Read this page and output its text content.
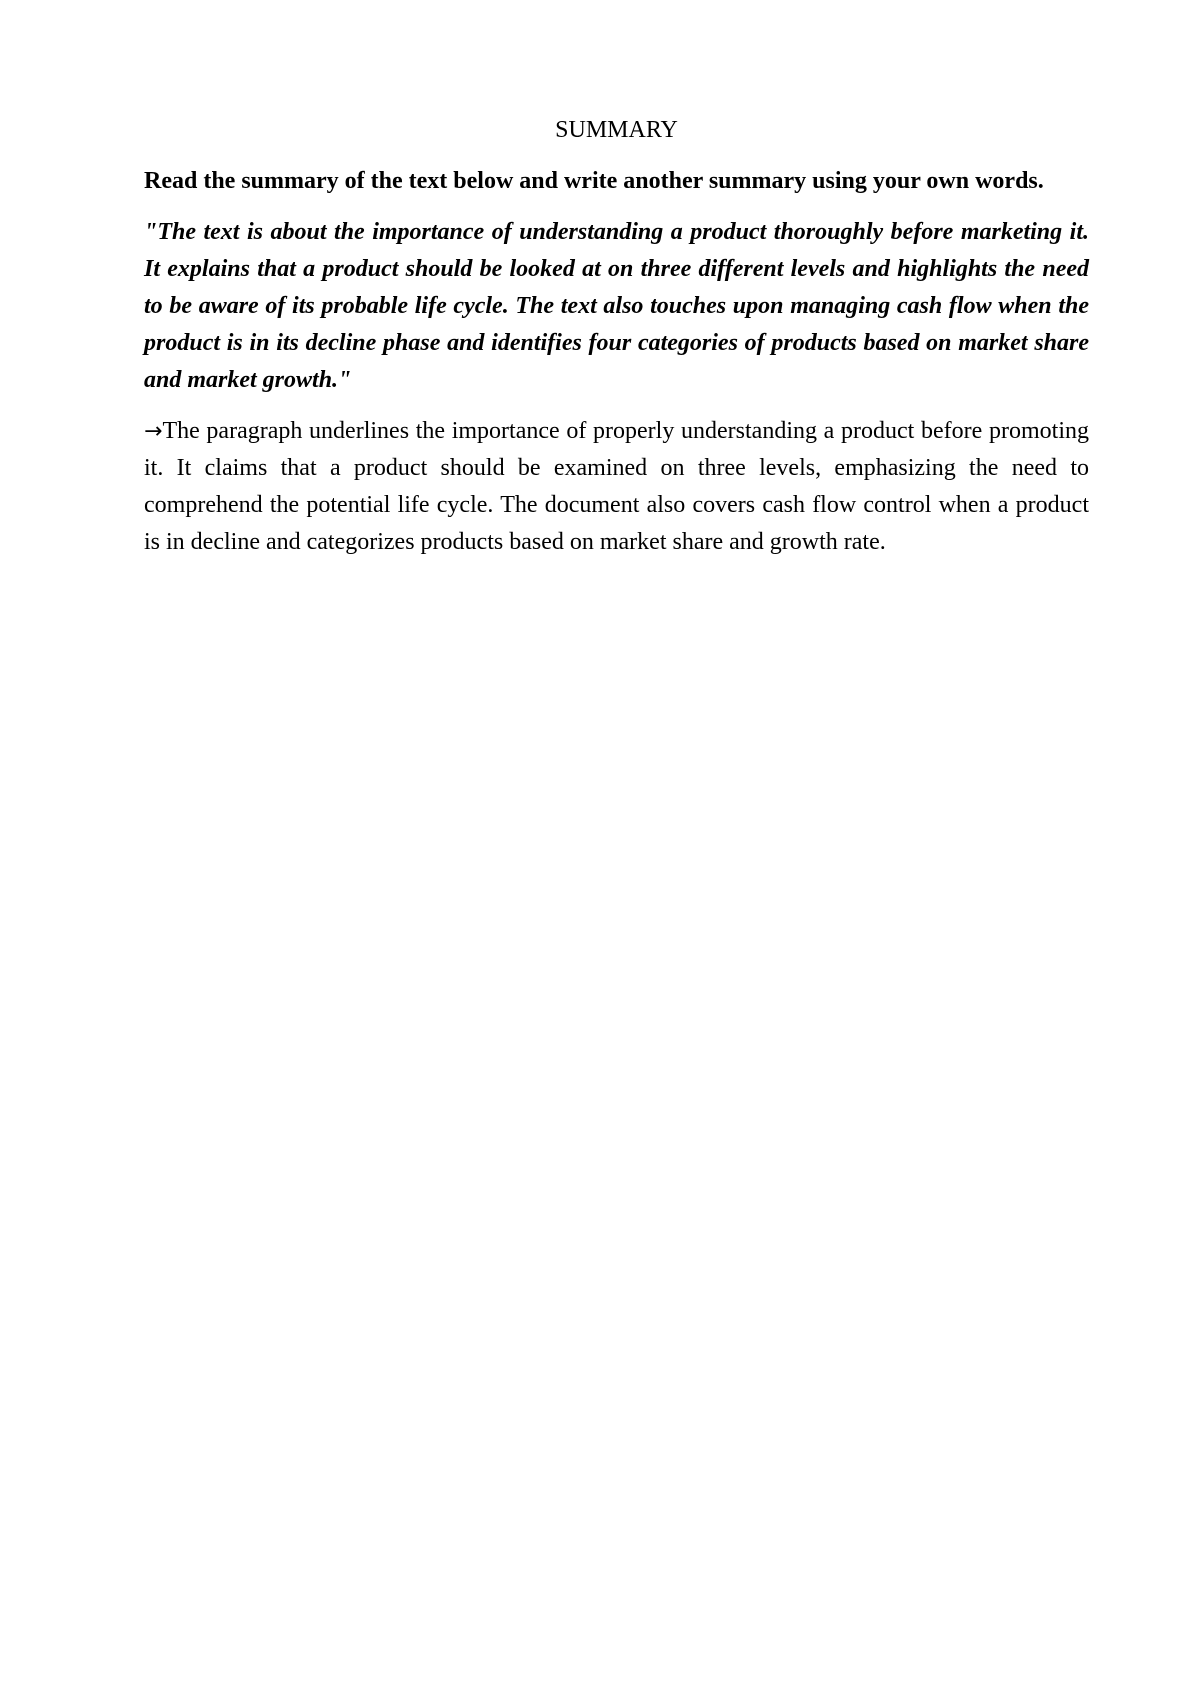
SUMMARY

Read the summary of the text below and write another summary using your own words.

"The text is about the importance of understanding a product thoroughly before marketing it. It explains that a product should be looked at on three different levels and highlights the need to be aware of its probable life cycle. The text also touches upon managing cash flow when the product is in its decline phase and identifies four categories of products based on market share and market growth."

→The paragraph underlines the importance of properly understanding a product before promoting it. It claims that a product should be examined on three levels, emphasizing the need to comprehend the potential life cycle. The document also covers cash flow control when a product is in decline and categorizes products based on market share and growth rate.
